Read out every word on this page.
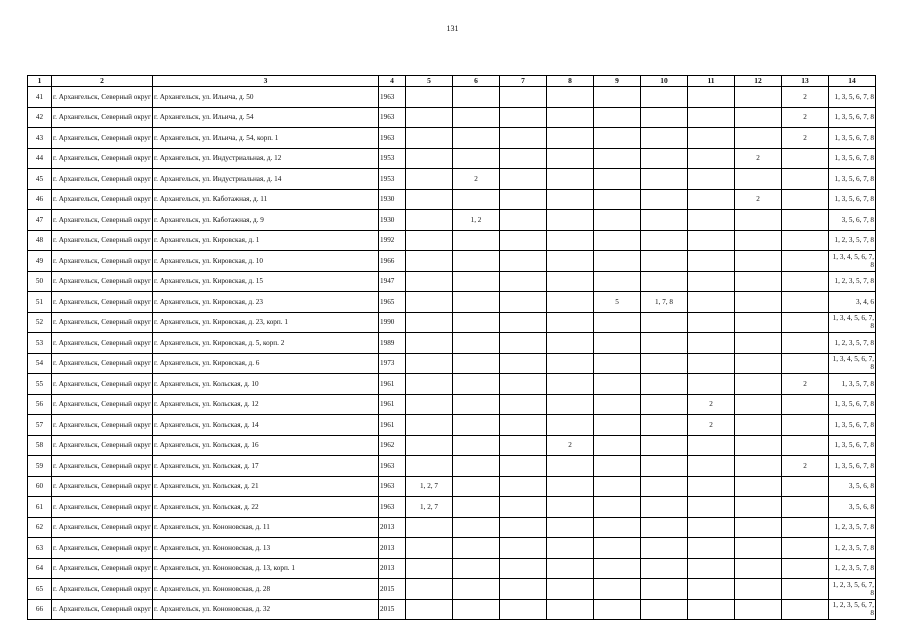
131
1	2	3	4	5	6	7	8	9	10	11	12	13	14
41	г. Архангельск, Северный округ	г. Архангельск, ул. Ильича, д. 50	1963									2	1, 3, 5, 6, 7, 8
42	г. Архангельск, Северный округ	г. Архангельск, ул. Ильича, д. 54	1963									2	1, 3, 5, 6, 7, 8
43	г. Архангельск, Северный округ	г. Архангельск, ул. Ильича, д. 54, корп. 1	1963									2	1, 3, 5, 6, 7, 8
44	г. Архангельск, Северный округ	г. Архангельск, ул. Индустриальная, д. 12	1953								2		1, 3, 5, 6, 7, 8
45	г. Архангельск, Северный округ	г. Архангельск, ул. Индустриальная, д. 14	1953		2								1, 3, 5, 6, 7, 8
46	г. Архангельск, Северный округ	г. Архангельск, ул. Каботажная, д. 11	1930								2		1, 3, 5, 6, 7, 8
47	г. Архангельск, Северный округ	г. Архангельск, ул. Каботажная, д. 9	1930		1, 2								3, 5, 6, 7, 8
48	г. Архангельск, Северный округ	г. Архангельск, ул. Кировская, д. 1	1992										1, 2, 3, 5, 7, 8
49	г. Архангельск, Северный округ	г. Архангельск, ул. Кировская, д. 10	1966										1, 3, 4, 5, 6, 7, 8
50	г. Архангельск, Северный округ	г. Архангельск, ул. Кировская, д. 15	1947										1, 2, 3, 5, 7, 8
51	г. Архангельск, Северный округ	г. Архангельск, ул. Кировская, д. 23	1965					5	1, 7, 8				3, 4, 6
52	г. Архангельск, Северный округ	г. Архангельск, ул. Кировская, д. 23, корп. 1	1990										1, 3, 4, 5, 6, 7, 8
53	г. Архангельск, Северный округ	г. Архангельск, ул. Кировская, д. 5, корп. 2	1989										1, 2, 3, 5, 7, 8
54	г. Архангельск, Северный округ	г. Архангельск, ул. Кировская, д. 6	1973										1, 3, 4, 5, 6, 7, 8
55	г. Архангельск, Северный округ	г. Архангельск, ул. Кольская, д. 10	1961									2	1, 3, 5, 7, 8
56	г. Архангельск, Северный округ	г. Архангельск, ул. Кольская, д. 12	1961							2			1, 3, 5, 6, 7, 8
57	г. Архангельск, Северный округ	г. Архангельск, ул. Кольская, д. 14	1961							2			1, 3, 5, 6, 7, 8
58	г. Архангельск, Северный округ	г. Архангельск, ул. Кольская, д. 16	1962				2						1, 3, 5, 6, 7, 8
59	г. Архангельск, Северный округ	г. Архангельск, ул. Кольская, д. 17	1963									2	1, 3, 5, 6, 7, 8
60	г. Архангельск, Северный округ	г. Архангельск, ул. Кольская, д. 21	1963	1, 2, 7									3, 5, 6, 8
61	г. Архангельск, Северный округ	г. Архангельск, ул. Кольская, д. 22	1963	1, 2, 7									3, 5, 6, 8
62	г. Архангельск, Северный округ	г. Архангельск, ул. Кононовская, д. 11	2013										1, 2, 3, 5, 7, 8
63	г. Архангельск, Северный округ	г. Архангельск, ул. Кононовская, д. 13	2013										1, 2, 3, 5, 7, 8
64	г. Архангельск, Северный округ	г. Архангельск, ул. Кононовская, д. 13, корп. 1	2013										1, 2, 3, 5, 7, 8
65	г. Архангельск, Северный округ	г. Архангельск, ул. Кононовская, д. 28	2015										1, 2, 3, 5, 6, 7, 8
66	г. Архангельск, Северный округ	г. Архангельск, ул. Кононовская, д. 32	2015										1, 2, 3, 5, 6, 7, 8
